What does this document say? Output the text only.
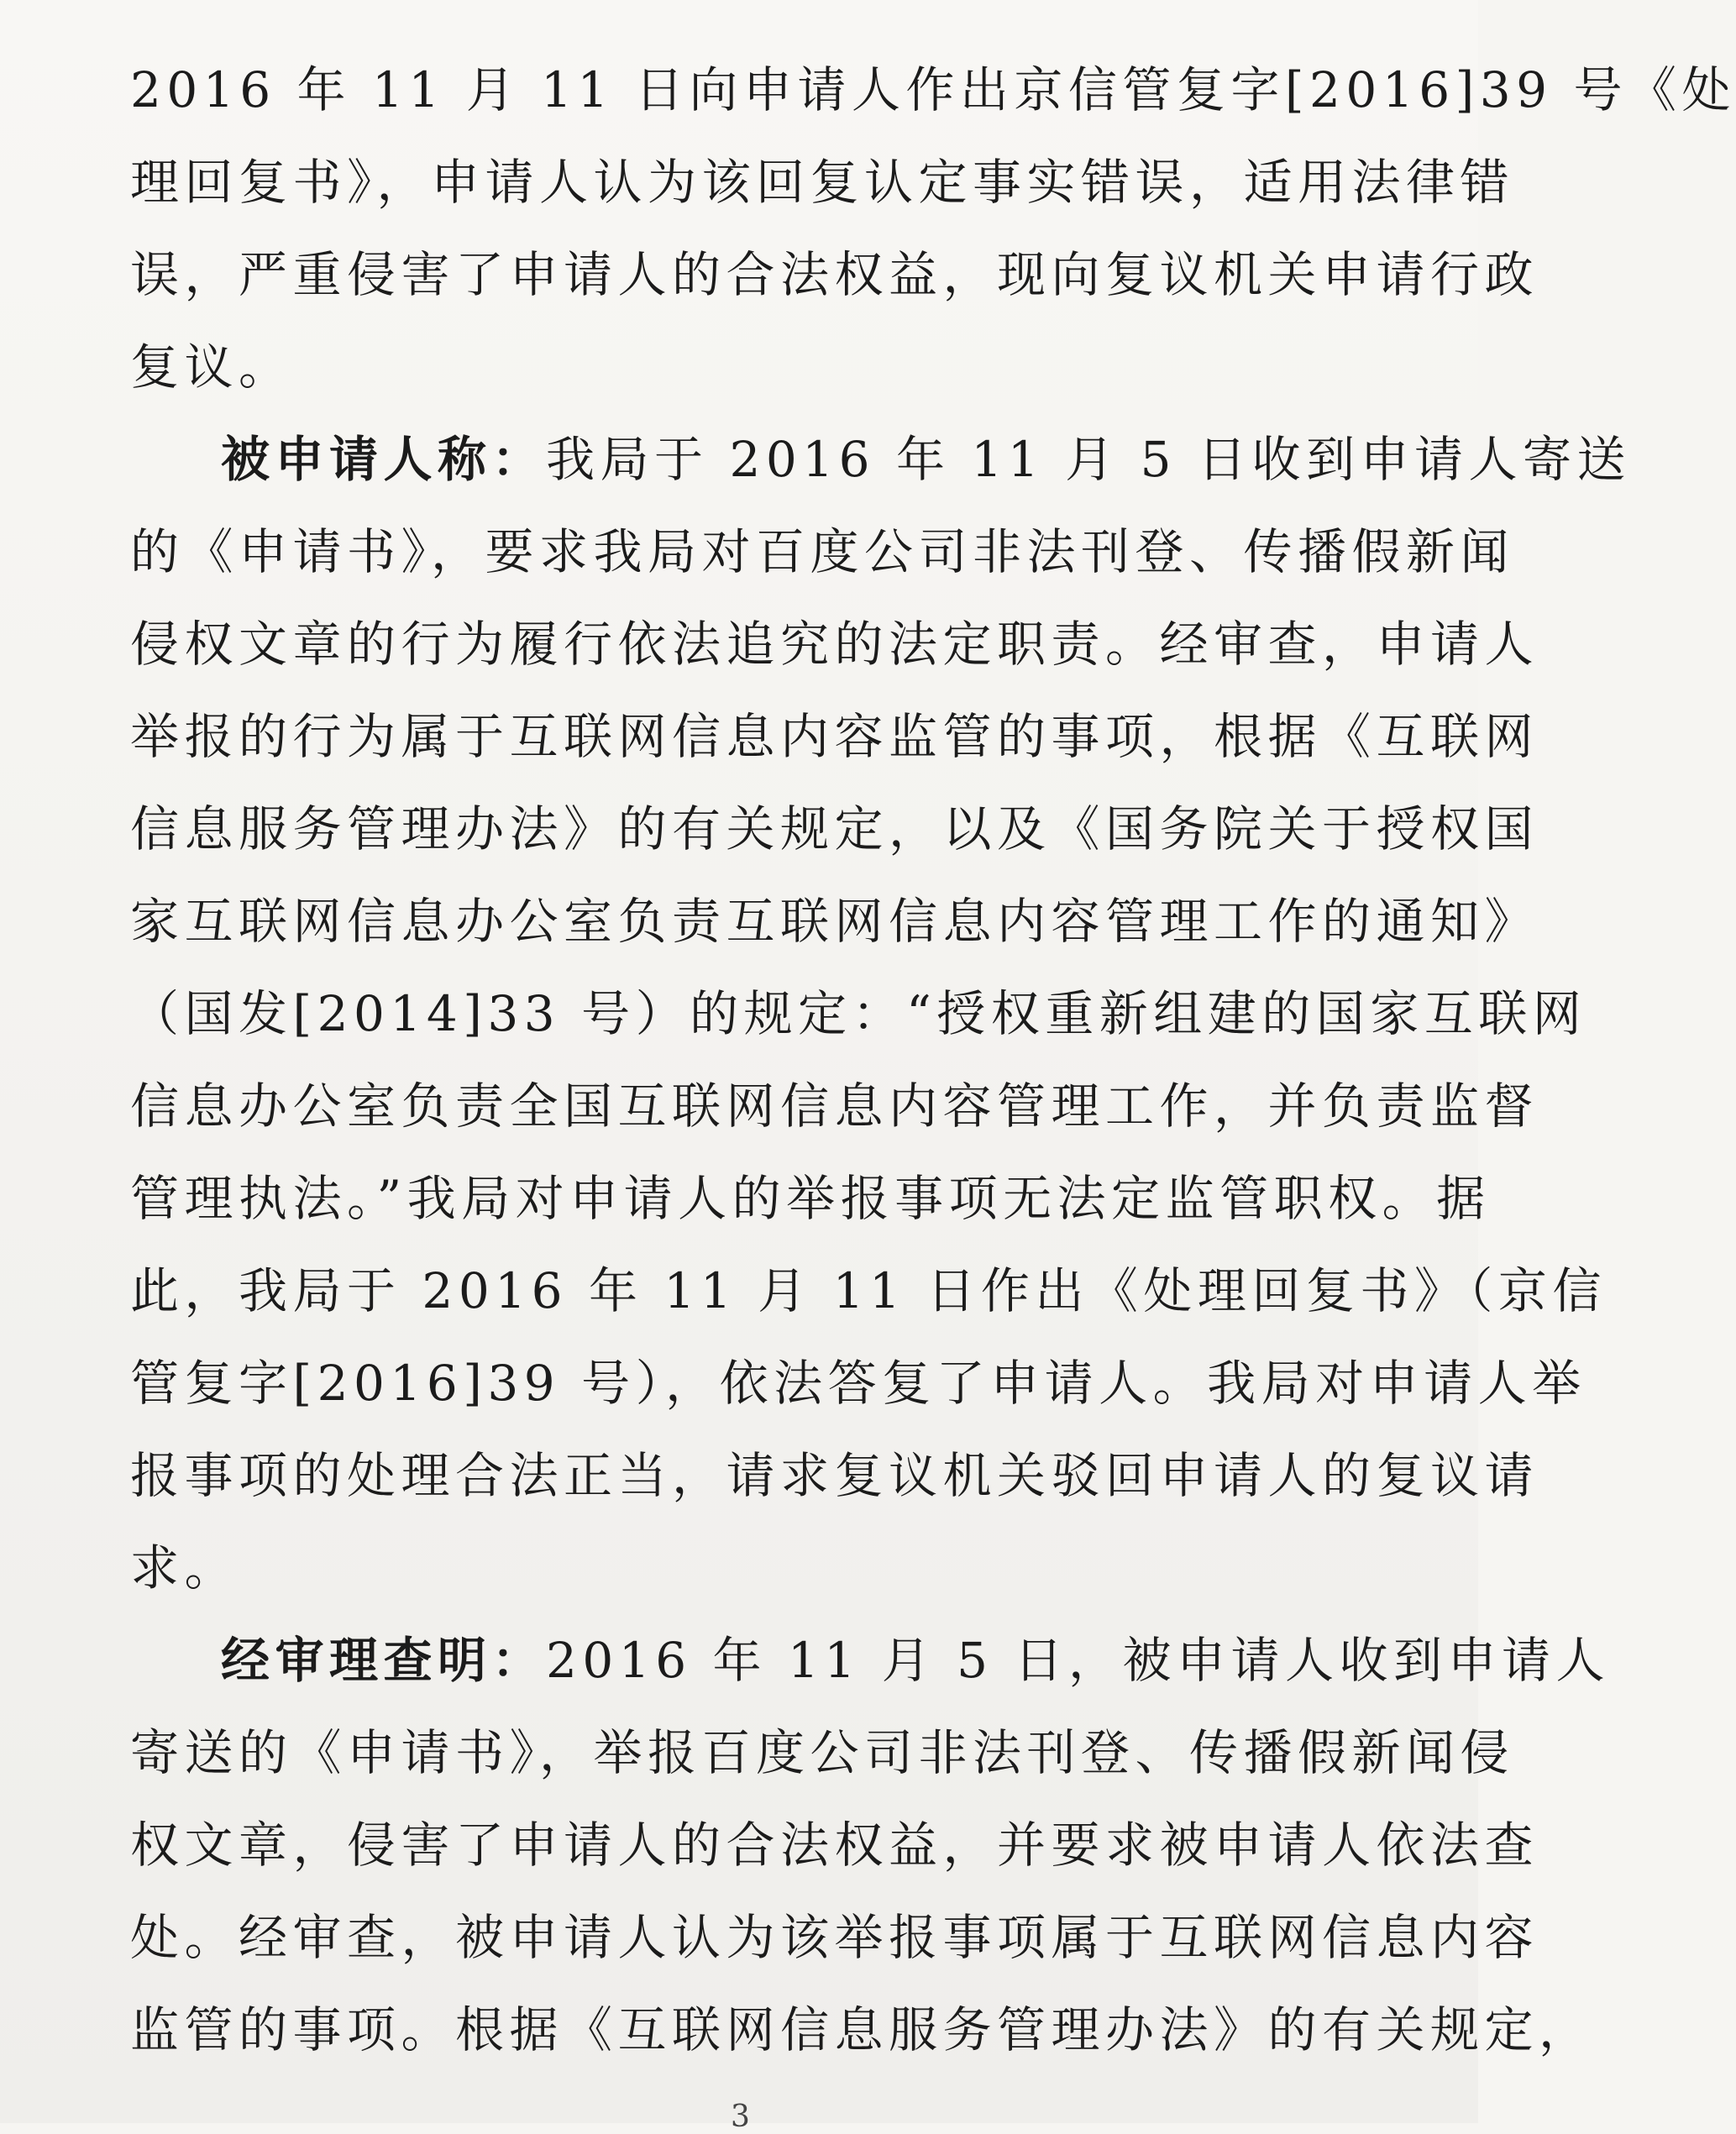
2016 年 11 月 11 日向申请人作出京信管复字[2016]39 号《处
理回复书》，申请人认为该回复认定事实错误，适用法律错
误，严重侵害了申请人的合法权益，现向复议机关申请行政
复议。
被申请人称：我局于 2016 年 11 月 5 日收到申请人寄送
的《申请书》，要求我局对百度公司非法刊登、传播假新闻
侵权文章的行为履行依法追究的法定职责。经审查，申请人
举报的行为属于互联网信息内容监管的事项，根据《互联网
信息服务管理办法》的有关规定，以及《国务院关于授权国
家互联网信息办公室负责互联网信息内容管理工作的通知》
（国发[2014]33 号）的规定：“授权重新组建的国家互联网
信息办公室负责全国互联网信息内容管理工作，并负责监督
管理执法。”我局对申请人的举报事项无法定监管职权。据
此，我局于 2016 年 11 月 11 日作出《处理回复书》（京信
管复字[2016]39 号），依法答复了申请人。我局对申请人举
报事项的处理合法正当，请求复议机关驳回申请人的复议请
求。
经审理查明：2016 年 11 月 5 日，被申请人收到申请人
寄送的《申请书》，举报百度公司非法刊登、传播假新闻侵
权文章，侵害了申请人的合法权益，并要求被申请人依法查
处。经审查，被申请人认为该举报事项属于互联网信息内容
监管的事项。根据《互联网信息服务管理办法》的有关规定，
3
